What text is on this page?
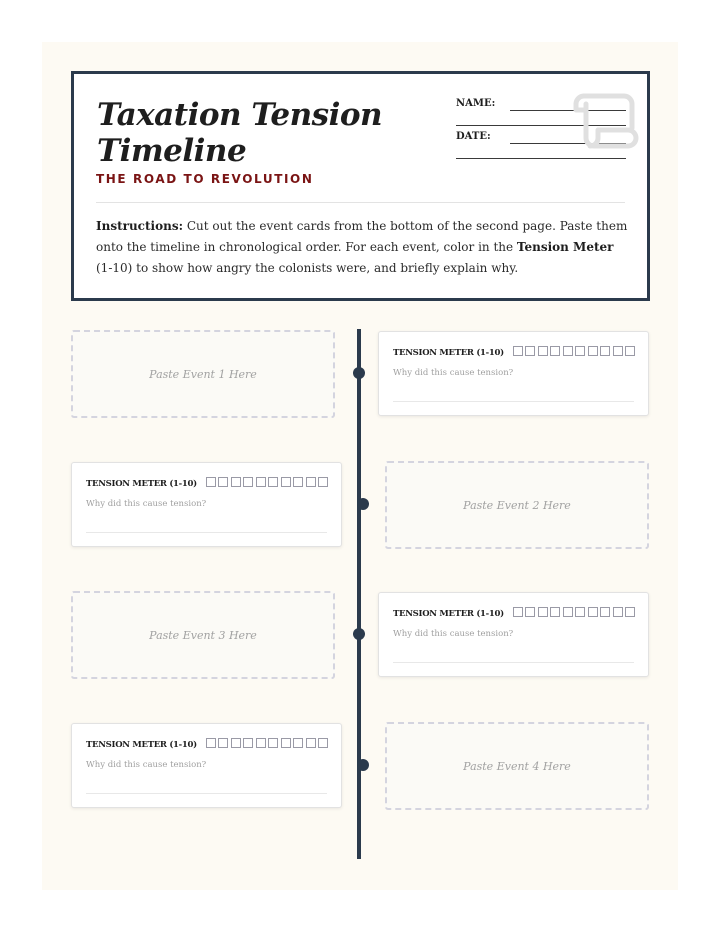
Taxation Tension Timeline
THE ROAD TO REVOLUTION
NAME:
DATE:

Instructions: Cut out the event cards from the bottom of the second page. Paste them onto the timeline in chronological order. For each event, color in the Tension Meter (1-10) to show how angry the colonists were, and briefly explain why.

Paste Event 1 Here
TENSION METER (1-10)
Why did this cause tension?
Paste Event 2 Here
TENSION METER (1-10)
Why did this cause tension?
Paste Event 3 Here
TENSION METER (1-10)
Why did this cause tension?
Paste Event 4 Here
TENSION METER (1-10)
Why did this cause tension?
